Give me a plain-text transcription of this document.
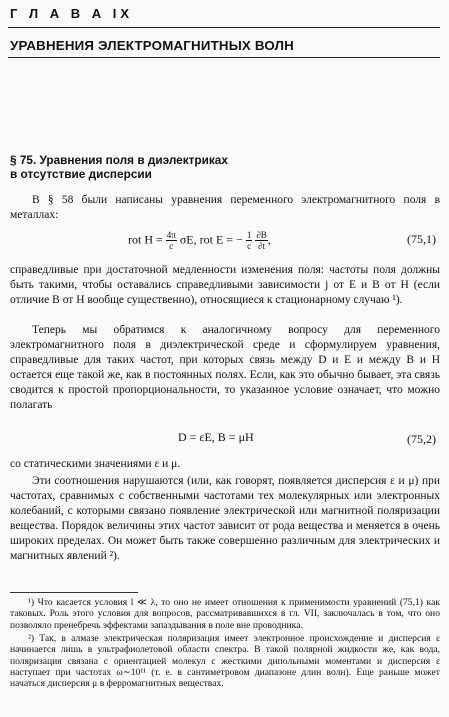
Г Л А В А IX
УРАВНЕНИЯ ЭЛЕКТРОМАГНИТНЫХ ВОЛН
§ 75. Уравнения поля в диэлектриках
в отсутствие дисперсии

В § 58 были написаны уравнения переменного электромагнитного поля в металлах:

rot $H = \frac{4\pi}{c} \sigma E$, rot E = − $\frac{1}{c}$
$\frac{\partial B}{\partial t}$ ,	(75,1)

справедливые при достаточной медленности изменения поля: частоты поля должны быть такими, чтобы оставались справедливыми зависимости j от E и B от H (если отличие B от H вообще существенно), относящиеся к стационарному случаю ¹).

Теперь мы обратимся к аналогичному вопросу для переменного электромагнитного поля в диэлектрической среде и сформулируем уравнения, справедливые для таких частот, при которых связь между D и E и между B и H остается еще такой же, как в постоянных полях. Если, как это обычно бывает, эта связь сводится к простой пропорциональности, то указанное условие означает, что можно полагать

D = εE, B = μH	(75,2)

со статическими значениями ε и μ.

Эти соотношения нарушаются (или, как говорят, появляется дисперсия ε и μ) при частотах, сравнимых с собственными частотами тех молекулярных или электронных колебаний, с которыми связано появление электрической или магнитной поляризации вещества. Порядок величины этих частот зависит от рода вещества и меняется в очень широких пределах. Он может быть также совершенно различным для электрических и магнитных явлений ²).

¹) Что касается условия l ≪ λ, то оно не имеет отношения к применимости уравнений (75,1) как таковых. Роль этого условия для вопросов, рассматривавшихся в гл. VII, заключалась в том, что оно позволяло пренебречь эффектами запаздывания в поле вне проводника.

²) Так, в алмазе электрическая поляризация имеет электронное происхождение и дисперсия ε начинается лишь в ультрафиолетовой области спектра. В такой полярной жидкости же, как вода, поляризация связана с ориентацией молекул с жесткими дипольными моментами и дисперсия ε наступает при частотах ω∼10¹¹ (т. е. в сантиметровом диапазоне длин волн). Еще раньше может начаться дисперсия μ в ферромагнитных веществах.
